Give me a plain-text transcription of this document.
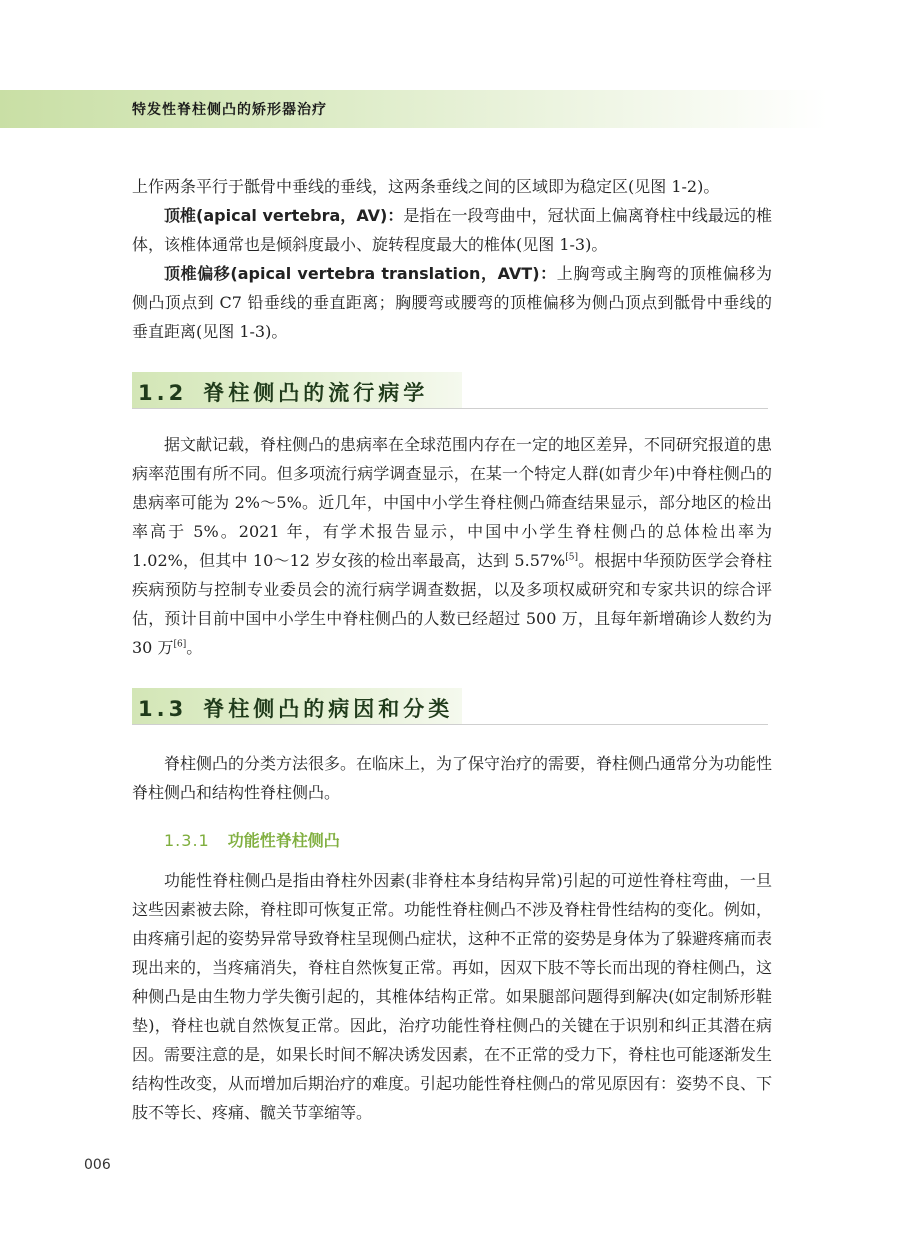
特发性脊柱侧凸的矫形器治疗

上作两条平行于骶骨中垂线的垂线，这两条垂线之间的区域即为稳定区(见图 1-2)。

顶椎(apical vertebra，AV)：是指在一段弯曲中，冠状面上偏离脊柱中线最远的椎体，该椎体通常也是倾斜度最小、旋转程度最大的椎体(见图 1-3)。

顶椎偏移(apical vertebra translation，AVT)：上胸弯或主胸弯的顶椎偏移为侧凸顶点到 C7 铅垂线的垂直距离；胸腰弯或腰弯的顶椎偏移为侧凸顶点到骶骨中垂线的垂直距离(见图 1-3)。

1.2 脊柱侧凸的流行病学

据文献记载，脊柱侧凸的患病率在全球范围内存在一定的地区差异，不同研究报道的患病率范围有所不同。但多项流行病学调查显示，在某一个特定人群(如青少年)中脊柱侧凸的患病率可能为 2%～5%。近几年，中国中小学生脊柱侧凸筛查结果显示，部分地区的检出率高于 5%。2021 年，有学术报告显示，中国中小学生脊柱侧凸的总体检出率为 1.02%，但其中 10～12 岁女孩的检出率最高，达到 5.57%[5]。根据中华预防医学会脊柱疾病预防与控制专业委员会的流行病学调查数据，以及多项权威研究和专家共识的综合评估，预计目前中国中小学生中脊柱侧凸的人数已经超过 500 万，且每年新增确诊人数约为 30 万[6]。

1.3 脊柱侧凸的病因和分类

脊柱侧凸的分类方法很多。在临床上，为了保守治疗的需要，脊柱侧凸通常分为功能性脊柱侧凸和结构性脊柱侧凸。

1.3.1 功能性脊柱侧凸

功能性脊柱侧凸是指由脊柱外因素(非脊柱本身结构异常)引起的可逆性脊柱弯曲，一旦这些因素被去除，脊柱即可恢复正常。功能性脊柱侧凸不涉及脊柱骨性结构的变化。例如，由疼痛引起的姿势异常导致脊柱呈现侧凸症状，这种不正常的姿势是身体为了躲避疼痛而表现出来的，当疼痛消失，脊柱自然恢复正常。再如，因双下肢不等长而出现的脊柱侧凸，这种侧凸是由生物力学失衡引起的，其椎体结构正常。如果腿部问题得到解决(如定制矫形鞋垫)，脊柱也就自然恢复正常。因此，治疗功能性脊柱侧凸的关键在于识别和纠正其潜在病因。需要注意的是，如果长时间不解决诱发因素，在不正常的受力下，脊柱也可能逐渐发生结构性改变，从而增加后期治疗的难度。引起功能性脊柱侧凸的常见原因有：姿势不良、下肢不等长、疼痛、髋关节挛缩等。

006
